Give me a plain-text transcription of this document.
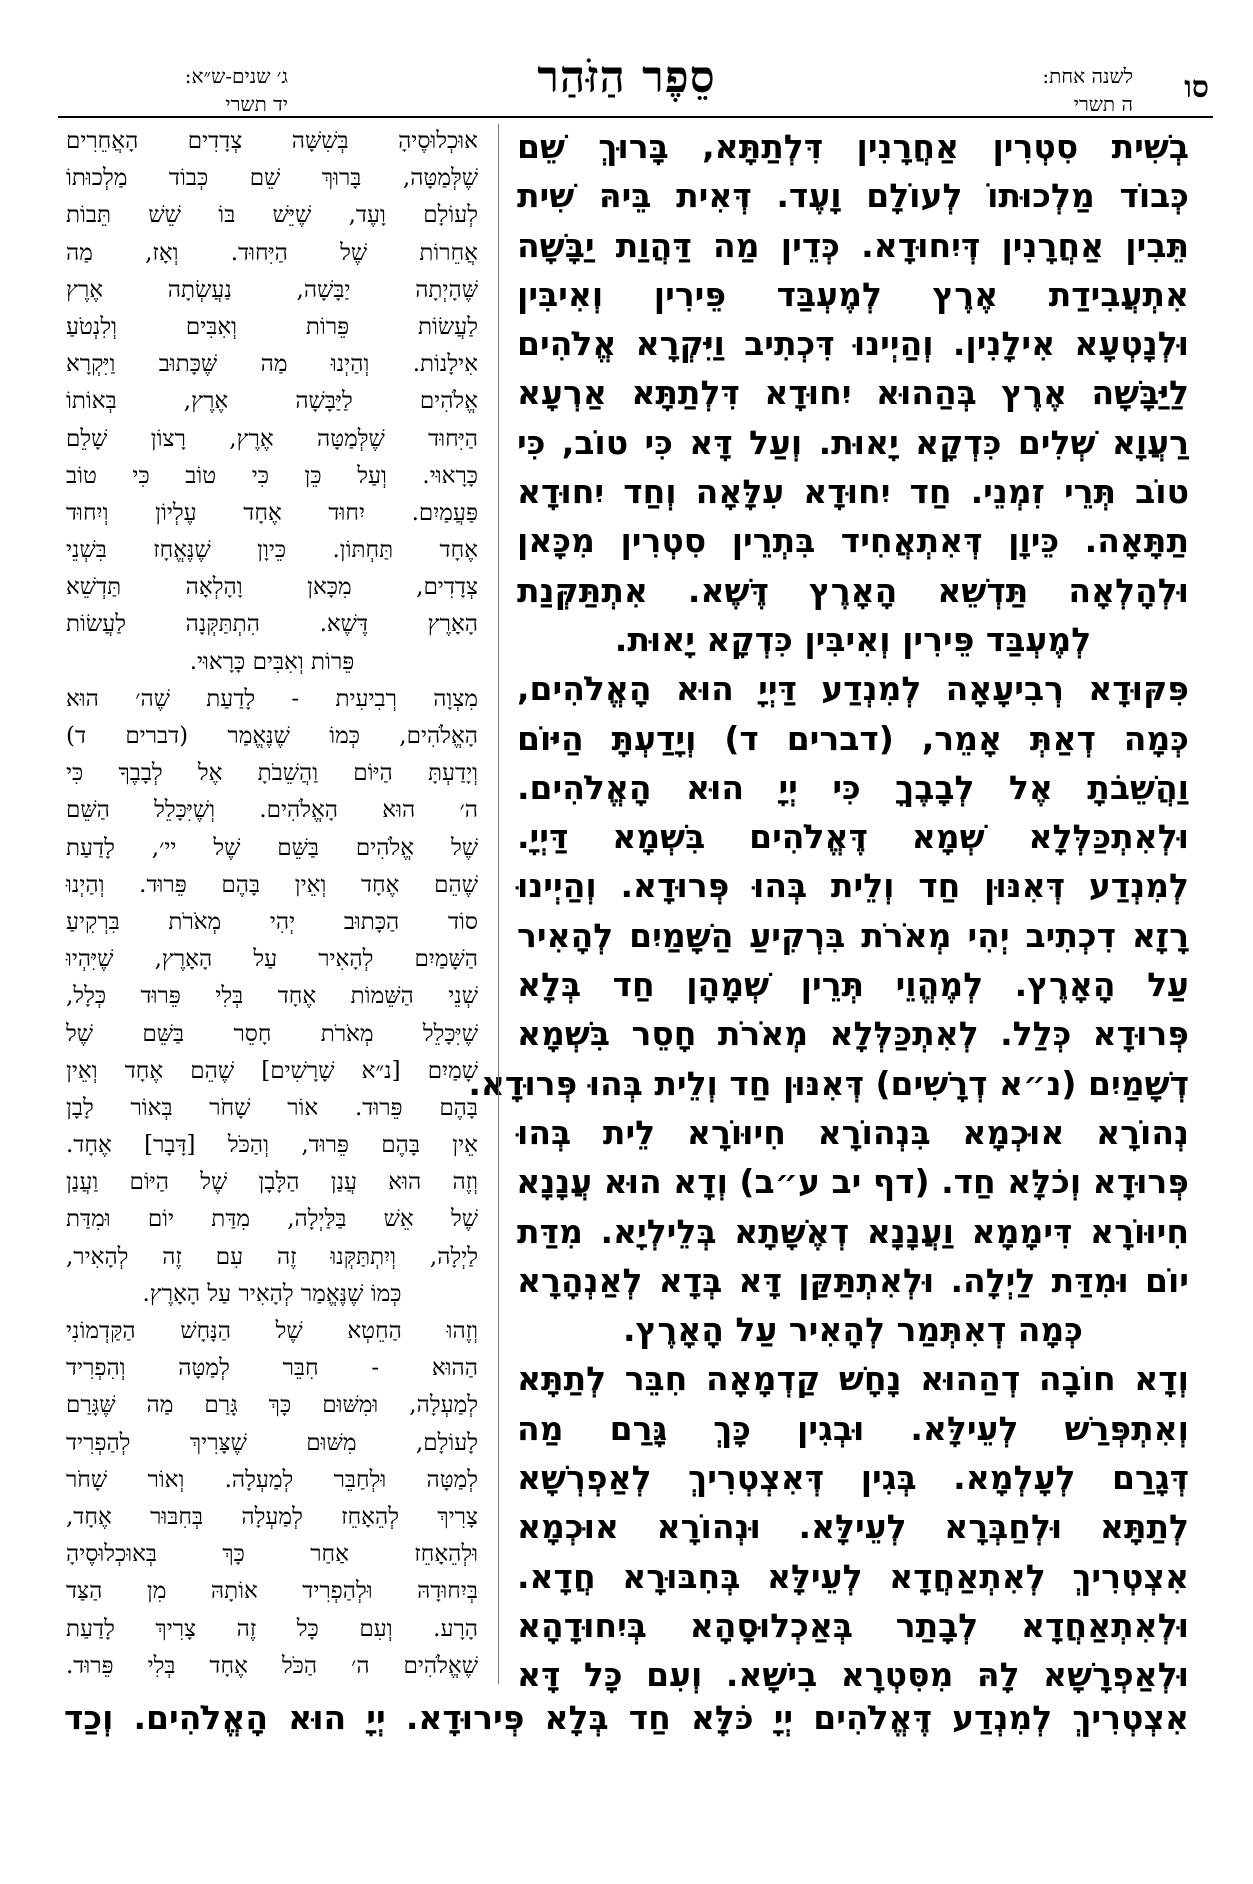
סו
לשנה אחת:
ה תשרי
סֵפֶר הַזֹּהַר
ג׳ שנים-ש״א:
יד תשרי
בְשִׁית סִטְרִין אַחֲרָנִין דִּלְתַתָּא, בָּרוּךְ שֵׁם
כְּבוֹד מַלְכוּתוֹ לְעוֹלָם וָעֶד. דְּאִית בֵּיהּ שִׁית
תֵּבִין אַחֲרָנִין דְּיִחוּדָא. כְּדֵין מַה דַּהֲוַת יַבָּשָׁה
אִתְעֲבִידַת אֶרֶץ לְמֶעְבַּד פֵּירִין וְאִיבִּין
וּלְנָטְעָא אִילָנִין. וְהַיְינוּ דִּכְתִיב וַיִּקְרָא אֱלֹהִים
לַיַּבָּשָׁה אֶרֶץ בְּהַהוּא יִחוּדָא דִּלְתַתָּא אַרְעָא
רַעֲוָא שְׁלִים כִּדְקָא יָאוּת. וְעַל דָּא כִּי טוֹב, כִּי
טוֹב תְּרֵי זִמְנֵי. חַד יִחוּדָא עִלָּאָה וְחַד יִחוּדָא
תַתָּאָה. כֵּיוָן דְּאִתְאֲחִיד בִּתְרֵין סִטְרִין מִכָּאן
וּלְהָלְאָה תַּדְשֵׁא הָאָרֶץ דֶּשֶׁא. אִתְתַּקְּנַת
לְמֶעְבַּד פֵּירִין וְאִיבִּין כִּדְקָא יָאוּת.
פִּקּוּדָא רְבִיעָאָה לְמִנְדַע דַּיְיָ הוּא הָאֱלֹהִים,
כְּמָה דְאַתְּ אָמֵר, (דברים ד) וְיָדַעְתָּ הַיּוֹם
וַהֲשֵׁבֹתָ אֶל לְבָבֶךָ כִּי יְיָ הוּא הָאֱלֹהִים.
וּלְאִתְכַּלְּלָא שְׁמָא דֶּאֱלֹהִים בִּשְׁמָא דַּיְיָ.
לְמִנְדַע דְּאִנּוּן חַד וְלֵית בְּהוּ פְּרוּדָא. וְהַיְינוּ
רָזָא דִכְתִיב יְהִי מְאֹרֹת בִּרְקִיעַ הַשָּׁמַיִם לְהָאִיר
עַל הָאָרֶץ. לְמֶהֱוֵי תְּרֵין שְׁמָהָן חַד בְּלָא
פְּרוּדָא כְּלַל. לְאִתְכַּלְּלָא מְאֹרֹת חָסֵר בִּשְׁמָא
דְשָׁמַיִם (נ״א דְרָשִׁים) דְּאִנּוּן חַד וְלֵית בְּהוּ פְּרוּדָא.
נְהוֹרָא אוּכְמָא בִּנְהוֹרָא חִיוּוֹרָא לֵית בְּהוּ
פְּרוּדָא וְכֹלָּא חַד. (דף יב ע״ב) וְדָא הוּא עֲנָנָא
חִיוּוֹרָא דִּימָמָא וַעֲנָנָא דְאֶשָּׁתָא בְּלֵילְיָא. מִדַּת
יוֹם וּמִדַּת לַיְלָה. וּלְאִתְתַּקַּן דָּא בְּדָא לְאַנְהָרָא
כְּמָה דְאִתְּמַר לְהָאִיר עַל הָאָרֶץ.
וְדָא חוֹבָה דְהַהוּא נָחָשׁ קַדְמָאָה חִבֵּר לְתַתָּא
וְאִתְפְּרַשׁ לְעֵילָּא. וּבְגִין כָּךְ גָּרַם מַה
דְּגָרַם לְעָלְמָא. בְּגִין דְּאִצְטְרִיךְ לְאַפְרְשָׁא
לְתַתָּא וּלְחַבְּרָא לְעֵילָּא. וּנְהוֹרָא אוּכְמָא
אִצְטְרִיךְ לְאִתְאַחֲדָא לְעֵילָּא בְּחִבּוּרָא חֲדָא.
וּלְאִתְאַחֲדָא לְבָתַר בְּאַכְלוּסָהָא בְּיִחוּדָהָא
וּלְאַפְרָשָׁא לָהּ מִסִּטְרָא בִישָׁא. וְעִם כָּל דָּא
אוּכְלוּסֶיהָ בְּשִׁשָּׁה צְדָדִים הָאֲחֵרִים
שֶׁלְּמַטָּה, בָּרוּךְ שֵׁם כְּבוֹד מַלְכוּתוֹ
לְעוֹלָם וָעֶד, שֶׁיֵּשׁ בּוֹ שֵׁשׁ תֵּבוֹת
אֲחֵרוֹת שֶׁל הַיִּחוּד. וְאָז, מַה
שֶּׁהָיְתָה יַבָּשָׁה, נַעֲשְׂתָה אֶרֶץ
לַעֲשׂוֹת פֵּרוֹת וְאִבִּים וְלִנְטֹעַ
אִילָנוֹת. וְהַיְנוּ מַה שֶּׁכָּתוּב וַיִּקְרָא
אֱלֹהִים לַיַּבָּשָׁה אֶרֶץ, בְּאוֹתוֹ
הַיִּחוּד שֶׁלְּמַטָּה אֶרֶץ, רָצוֹן שָׁלֵם
כָּרָאוּי. וְעַל כֵּן כִּי טוֹב כִּי טוֹב
פַּעֲמַיִם. יִחוּד אֶחָד עֶלְיוֹן וְיִחוּד
אֶחָד תַּחְתּוֹן. כֵּיוָן שֶׁנֶּאֱחָז בִּשְׁנֵי
צְדָדִים, מִכָּאן וָהָלְאָה תַּדְשֵׁא
הָאָרֶץ דֶּשֶׁא. הִתְתַּקְּנָה לַעֲשׂוֹת
פֵּרוֹת וְאִבִּים כָּרָאוּי.
מִצְוָה רְבִיעִית - לָדַעַת שֶׁה׳ הוּא
הָאֱלֹהִים, כְּמוֹ שֶׁנֶּאֱמַר (דברים ד)
וְיָדַעְתָּ הַיּוֹם וַהֲשֵׁבֹתָ אֶל לְבָבֶךָ כִּי
ה׳ הוּא הָאֱלֹהִים. וְשֶׁיִּכָּלֵל הַשֵּׁם
שֶׁל אֱלֹהִים בַּשֵּׁם שֶׁל יי׳, לָדַעַת
שֶׁהֵם אֶחָד וְאֵין בָּהֶם פֵּרוּד. וְהַיְנוּ
סוֹד הַכָּתוּב יְהִי מְאֹרֹת בִּרְקִיעַ
הַשָּׁמַיִם לְהָאִיר עַל הָאָרֶץ, שֶׁיִּהְיוּ
שְׁנֵי הַשֵּׁמוֹת אֶחָד בְּלִי פֵּרוּד כְּלָל,
שֶׁיִּכָּלֵל מְאֹרֹת חָסֵר בַּשֵּׁם שֶׁל
שָׁמַיִם [נ״א שָׁרָשִׁים] שֶׁהֵם אֶחָד וְאֵין
בָּהֶם פֵּרוּד. אוֹר שָׁחֹר בְּאוֹר לָבָן
אֵין בָּהֶם פֵּרוּד, וְהַכֹּל [דָּבָר] אֶחָד.
וְזֶה הוּא עֲנַן הַלָּבָן שֶׁל הַיּוֹם וַעֲנַן
שֶׁל אֵשׁ בַּלַּיְלָה, מִדַּת יוֹם וּמִדַּת
לַיְלָה, וְיִתְתַּקְּנוּ זֶה עִם זֶה לְהָאִיר,
כְּמוֹ שֶׁנֶּאֱמַר לְהָאִיר עַל הָאָרֶץ.
וְזֶהוּ הַחֵטְא שֶׁל הַנָּחָשׁ הַקַּדְמוֹנִי
הַהוּא - חִבֵּר לְמַטָּה וְהִפְרִיד
לְמַעְלָה, וּמִשּׁוּם כָּךְ גָּרַם מַה שֶּׁגָּרַם
לָעוֹלָם, מִשּׁוּם שֶׁצָּרִיךְ לְהַפְרִיד
לְמַטָּה וּלְחַבֵּר לְמַעְלָה. וְאוֹר שָׁחֹר
צָרִיךְ לְהֵאָחֵז לְמַעְלָה בְּחִבּוּר אֶחָד,
וּלְהֵאָחֵז אַחַר כָּךְ בְּאוּכְלוּסֶיהָ
בְּיִחוּדָהּ וּלְהַפְרִיד אוֹתָהּ מִן הַצַּד
הָרָע. וְעִם כָּל זֶה צָרִיךְ לָדַעַת
שֶׁאֱלֹהִים ה׳ הַכֹּל אֶחָד בְּלִי פֵּרוּד.
אִצְטְרִיךְ לְמִנְדַע דֶּאֱלֹהִים יְיָ כֹּלָּא חַד בְּלָא פְּירוּדָא. יְיָ הוּא הָאֱלֹהִים. וְכַד
